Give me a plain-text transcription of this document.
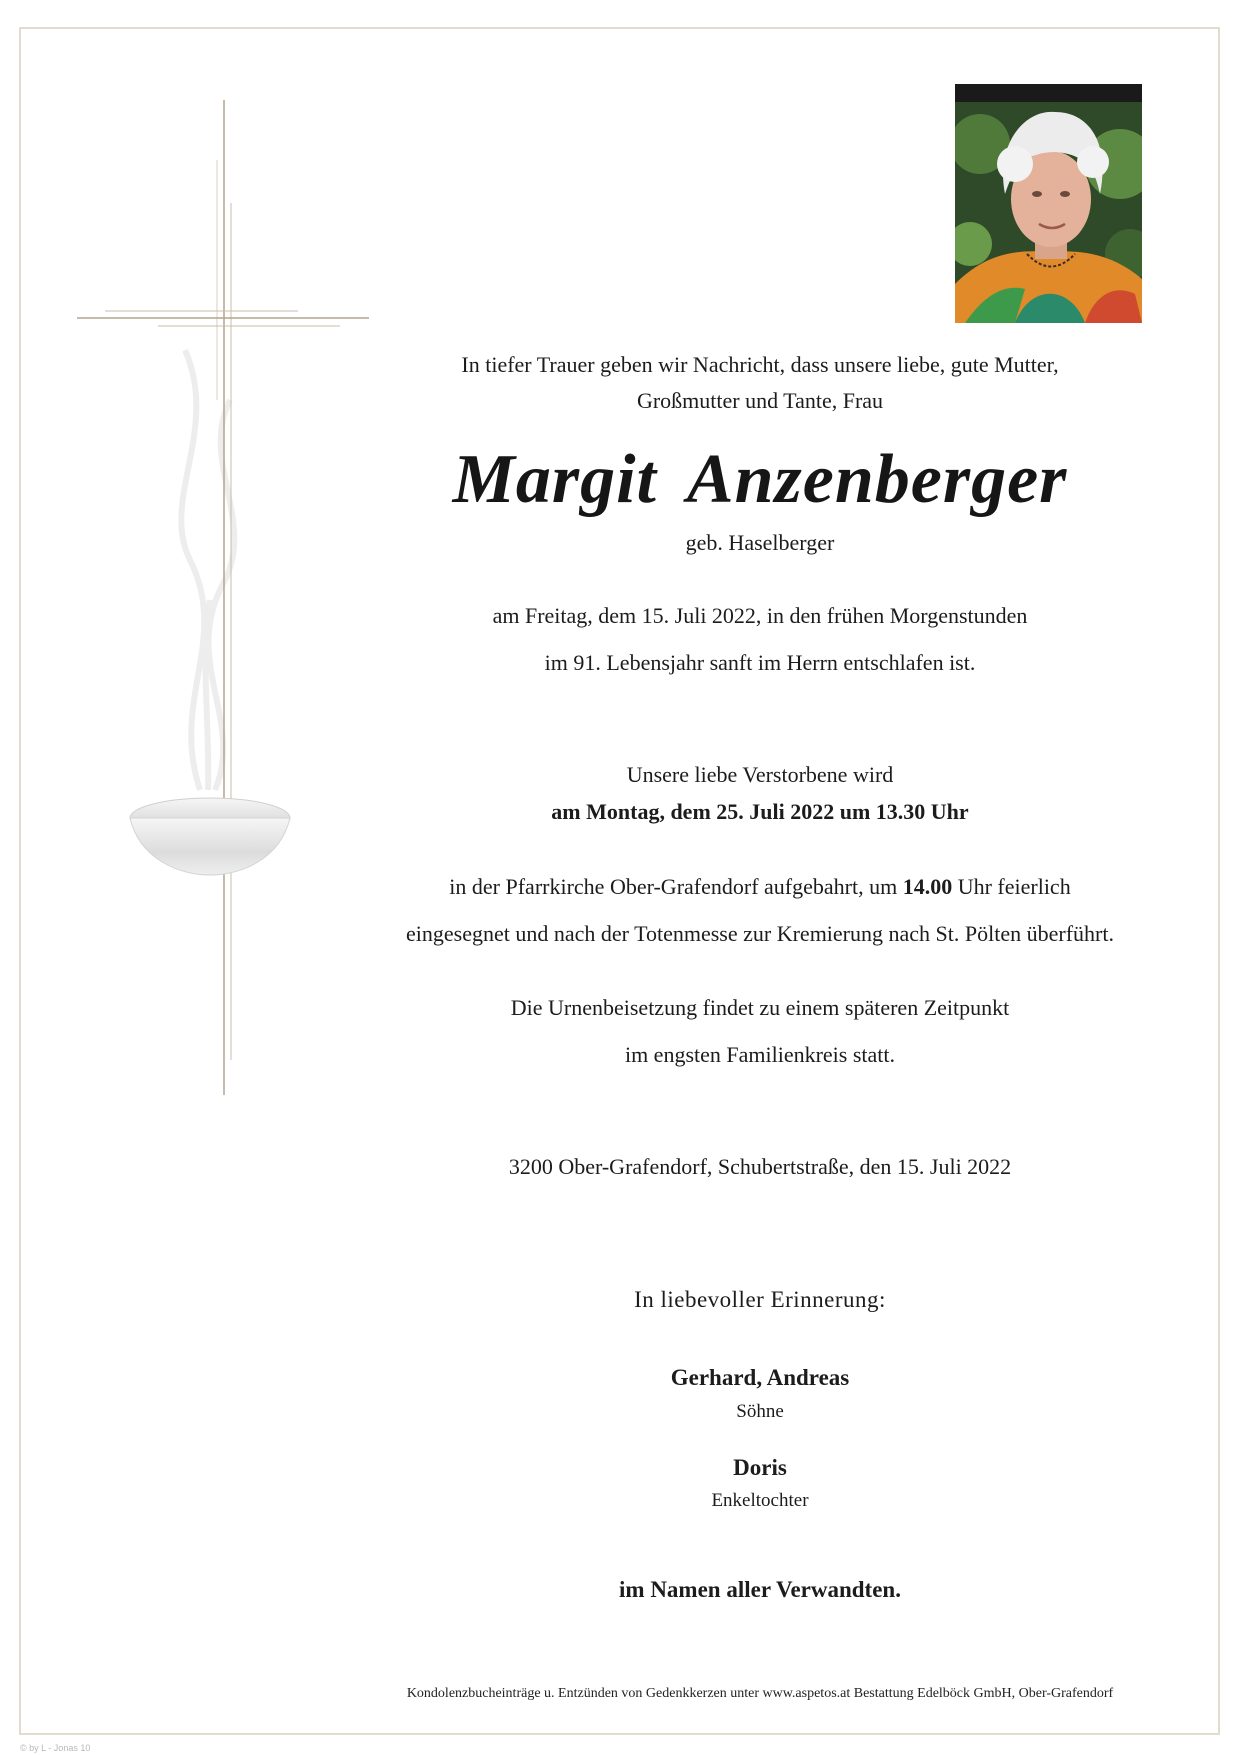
In tiefer Trauer geben wir Nachricht, dass unsere liebe, gute Mutter,
Großmutter und Tante, Frau
Margit Anzenberger
geb. Haselberger
am Freitag, dem 15. Juli 2022, in den frühen Morgenstunden
im 91. Lebensjahr sanft im Herrn entschlafen ist.
Unsere liebe Verstorbene wird
am Montag, dem 25. Juli 2022 um 13.30 Uhr
in der Pfarrkirche Ober-Grafendorf aufgebahrt, um 14.00 Uhr feierlich
eingesegnet und nach der Totenmesse zur Kremierung nach St. Pölten überführt.
Die Urnenbeisetzung findet zu einem späteren Zeitpunkt
im engsten Familienkreis statt.
3200 Ober-Grafendorf, Schubertstraße, den 15. Juli 2022
In liebevoller Erinnerung:
Gerhard, Andreas
Söhne
Doris
Enkeltochter
im Namen aller Verwandten.
Kondolenzbucheinträge u. Entzünden von Gedenkkerzen unter www.aspetos.at Bestattung Edelböck GmbH, Ober-Grafendorf
© by L - Jonas 10
